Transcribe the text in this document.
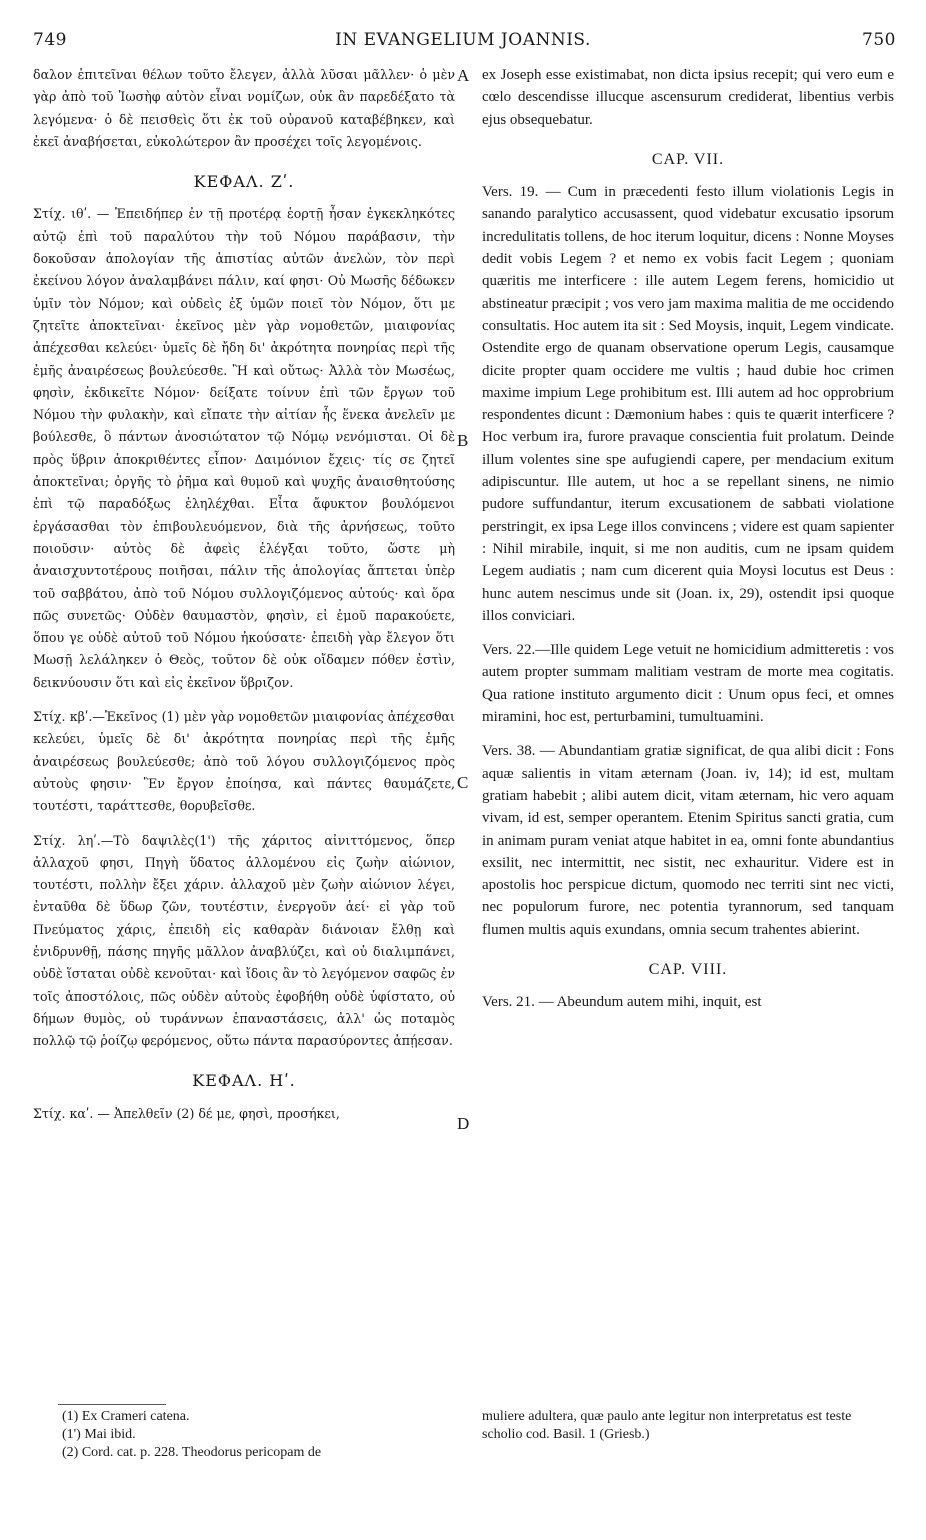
749	IN EVANGELIUM JOANNIS.	750

δαλον ἐπιτεῖναι θέλων τοῦτο ἔλεγεν, ἀλλὰ λῦσαι μᾶλλεν· ὁ μὲν γὰρ ἀπὸ τοῦ Ἰωσὴφ αὐτὸν εἶναι νομίζων, οὐκ ἂν παρεδέξατο τὰ λεγόμενα· ὁ δὲ πεισθεὶς ὅτι ἐκ τοῦ οὐρανοῦ καταβέβηκεν, καὶ ἐκεῖ ἀναβήσεται, εὐκολώτερον ἂν προσέχει τοῖς λεγομένοις.

ΚΕΦΑΛ. Ζʹ.

Στίχ. ιθʹ. — Ἐπειδήπερ ἐν τῇ προτέρᾳ ἑορτῇ ἦσαν ἐγκεκληκότες αὐτῷ ἐπὶ τοῦ παραλύτου τὴν τοῦ Νόμου παράβασιν, τὴν δοκοῦσαν ἀπολογίαν τῆς ἀπιστίας αὐτῶν ἀνελὼν, τὸν περὶ ἐκείνου λόγον ἀναλαμβάνει πάλιν, καί φησι· Οὐ Μωσῆς δέδωκεν ὑμῖν τὸν Νόμον; καὶ οὐδεὶς ἐξ ὑμῶν ποιεῖ τὸν Νόμον, ὅτι με ζητεῖτε ἀποκτεῖναι· ἐκεῖνος μὲν γὰρ νομοθετῶν, μιαιφονίας ἀπέχεσθαι κελεύει· ὑμεῖς δὲ ἤδη δι' ἀκρότητα πονηρίας περὶ τῆς ἐμῆς ἀναιρέσεως βουλεύεσθε. Ἢ καὶ οὕτως· Ἀλλὰ τὸν Μωσέως, φησὶν, ἐκδικεῖτε Νόμον· δείξατε τοίνυν ἐπὶ τῶν ἔργων τοῦ Νόμου τὴν φυλακὴν, καὶ εἴπατε τὴν αἰτίαν ἧς ἕνεκα ἀνελεῖν με βούλεσθε, ὃ πάντων ἀνοσιώτατον τῷ Νόμῳ νενόμισται. Οἱ δὲ πρὸς ὕβριν ἀποκριθέντες εἶπον· Δαιμόνιον ἔχεις· τίς σε ζητεῖ ἀποκτεῖναι; ὀργῆς τὸ ῥῆμα καὶ θυμοῦ καὶ ψυχῆς ἀναισθητούσης ἐπὶ τῷ παραδόξως ἐληλέχθαι. Εἶτα ἄφυκτον βουλόμενοι ἐργάσασθαι τὸν ἐπιβουλευόμενον, διὰ τῆς ἀρνήσεως, τοῦτο ποιοῦσιν· αὐτὸς δὲ ἀφεὶς ἐλέγξαι τοῦτο, ὥστε μὴ ἀναισχυντοτέρους ποιῆσαι, πάλιν τῆς ἀπολογίας ἅπτεται ὑπὲρ τοῦ σαββάτου, ἀπὸ τοῦ Νόμου συλλογιζόμενος αὐτούς· καὶ ὅρα πῶς συνετῶς· Οὐδὲν θαυμαστὸν, φησὶν, εἰ ἐμοῦ παρακούετε, ὅπου γε οὐδὲ αὐτοῦ τοῦ Νόμου ἠκούσατε· ἐπειδὴ γὰρ ἔλεγον ὅτι Μωσῇ λελάληκεν ὁ Θεὸς, τοῦτον δὲ οὐκ οἴδαμεν πόθεν ἐστὶν, δεικνύουσιν ὅτι καὶ εἰς ἐκεῖνον ὕβριζον.

Στίχ. κβʹ.—Ἐκεῖνος (1) μὲν γὰρ νομοθετῶν μιαιφονίας ἀπέχεσθαι κελεύει, ὑμεῖς δὲ δι' ἀκρότητα πονηρίας περὶ τῆς ἐμῆς ἀναιρέσεως βουλεύεσθε; ἀπὸ τοῦ λόγου συλλογιζόμενος πρὸς αὐτοὺς φησιν· Ἓν ἔργον ἐποίησα, καὶ πάντες θαυμάζετε, τουτέστι, ταράττεσθε, θορυβεῖσθε.

Στίχ. ληʹ.—Τὸ δαψιλὲς(1') τῆς χάριτος αἰνιττόμενος, ὅπερ ἀλλαχοῦ φησι, Πηγὴ ὕδατος ἀλλομένου εἰς ζωὴν αἰώνιον, τουτέστι, πολλὴν ἔξει χάριν. ἀλλαχοῦ μὲν ζωὴν αἰώνιον λέγει, ἐνταῦθα δὲ ὕδωρ ζῶν, τουτέστιν, ἐνεργοῦν ἀεί· εἰ γὰρ τοῦ Πνεύματος χάρις, ἐπειδὴ εἰς καθαρὰν διάνοιαν ἔλθῃ καὶ ἐνιδρυνθῇ, πάσης πηγῆς μᾶλλον ἀναβλύζει, καὶ οὐ διαλιμπάνει, οὐδὲ ἵσταται οὐδὲ κενοῦται· καὶ ἴδοις ἂν τὸ λεγόμενον σαφῶς ἐν τοῖς ἀποστόλοις, πῶς οὐδὲν αὐτοὺς ἐφοβήθη οὐδὲ ὑφίστατο, οὐ δήμων θυμὸς, οὐ τυράννων ἐπαναστάσεις, ἀλλ' ὡς ποταμὸς πολλῷ τῷ ῥοίζῳ φερόμενος, οὕτω πάντα παρασύροντες ἀπῄεσαν.

ΚΕΦΑΛ. Ηʹ.

Στίχ. καʹ. — Ἀπελθεῖν (2) δέ με, φησὶ, προσήκει,

A
B
C
D

ex Joseph esse existimabat, non dicta ipsius recepit; qui vero eum e cœlo descendisse illucque ascensurum crediderat, libentius verbis ejus obsequebatur.

CAP. VII.

Vers. 19. — Cum in præcedenti festo illum violationis Legis in sanando paralytico accusassent, quod videbatur excusatio ipsorum incredulitatis tollens, de hoc iterum loquitur, dicens : Nonne Moyses dedit vobis Legem ? et nemo ex vobis facit Legem ; quoniam quæritis me interficere : ille autem Legem ferens, homicidio ut abstineatur præcipit ; vos vero jam maxima malitia de me occidendo consultatis. Hoc autem ita sit : Sed Moysis, inquit, Legem vindicate. Ostendite ergo de quanam observatione operum Legis, causamque dicite propter quam occidere me vultis ; haud dubie hoc crimen maxime impium Lege prohibitum est. Illi autem ad hoc opprobrium respondentes dicunt : Dæmonium habes : quis te quærit interficere ? Hoc verbum ira, furore pravaque conscientia fuit prolatum. Deinde illum volentes sine spe aufugiendi capere, per mendacium exitum adipiscuntur. Ille autem, ut hoc a se repellant sinens, ne nimio pudore suffundantur, iterum excusationem de sabbati violatione perstringit, ex ipsa Lege illos convincens ; videre est quam sapienter : Nihil mirabile, inquit, si me non auditis, cum ne ipsam quidem Legem audiatis ; nam cum dicerent quia Moysi locutus est Deus : hunc autem nescimus unde sit (Joan. ix, 29), ostendit ipsi quoque illos conviciari.

Vers. 22.—Ille quidem Lege vetuit ne homicidium admitteretis : vos autem propter summam malitiam vestram de morte mea cogitatis. Qua ratione instituto argumento dicit : Unum opus feci, et omnes miramini, hoc est, perturbamini, tumultuamini.

Vers. 38. — Abundantiam gratiæ significat, de qua alibi dicit : Fons aquæ salientis in vitam æternam (Joan. iv, 14); id est, multam gratiam habebit ; alibi autem dicit, vitam æternam, hic vero aquam vivam, id est, semper operantem. Etenim Spiritus sancti gratia, cum in animam puram veniat atque habitet in ea, omni fonte abundantius exsilit, nec intermittit, nec sistit, nec exhauritur. Videre est in apostolis hoc perspicue dictum, quomodo nec territi sint nec victi, nec populorum furore, nec potentia tyrannorum, sed tanquam flumen multis aquis exundans, omnia secum trahentes abierint.

CAP. VIII.

Vers. 21. — Abeundum autem mihi, inquit, est

(1) Ex Crameri catena.

(1') Mai ibid.

(2) Cord. cat. p. 228. Theodorus pericopam de

muliere adultera, quæ paulo ante legitur non interpretatus est teste scholio cod. Basil. 1 (Griesb.)
